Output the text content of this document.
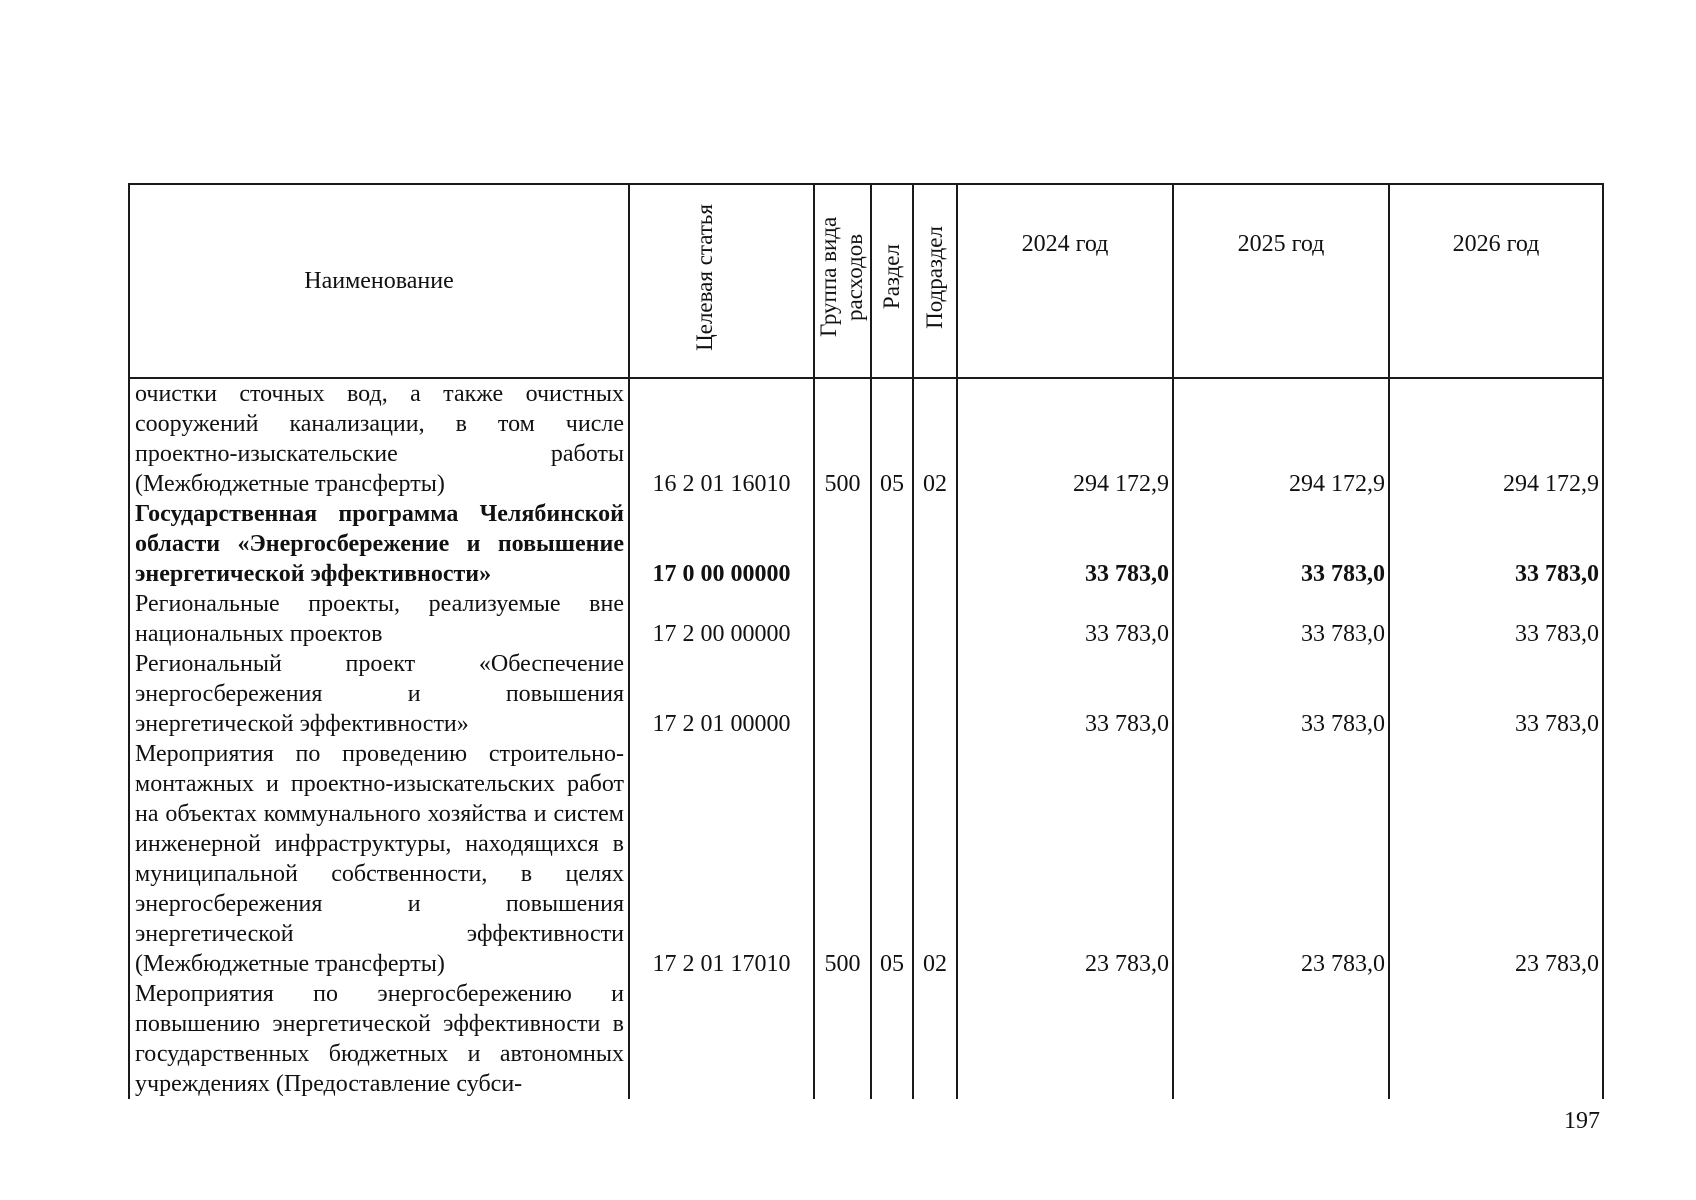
Наименование	Целевая статья	Группа вида расходов	Раздел	Подраздел	2024 год	2025 год	2026 год
очистки сточных вод, а также очистных сооружений канализации, в том числе проектно-изыскательские работы (Межбюджетные трансферты)	16 2 01 16010	500	05	02	294 172,9	294 172,9	294 172,9
Государственная программа Челябинской области «Энергосбережение и повышение энергетической эффективности»	17 0 00 00000				33 783,0	33 783,0	33 783,0
Региональные проекты, реализуемые вне национальных проектов	17 2 00 00000				33 783,0	33 783,0	33 783,0
Региональный проект «Обеспечение энергосбережения и повышения энергетической эффективности»	17 2 01 00000				33 783,0	33 783,0	33 783,0
Мероприятия по проведению строительно-монтажных и проектно-изыскательских работ на объектах коммунального хозяйства и систем инженерной инфраструктуры, находящихся в муниципальной собственности, в целях энергосбережения и повышения энергетической эффективности (Межбюджетные трансферты)	17 2 01 17010	500	05	02	23 783,0	23 783,0	23 783,0
Мероприятия по энергосбережению и повышению энергетической эффективности в государственных бюджетных и автономных учреждениях (Предоставление субси-							
197
